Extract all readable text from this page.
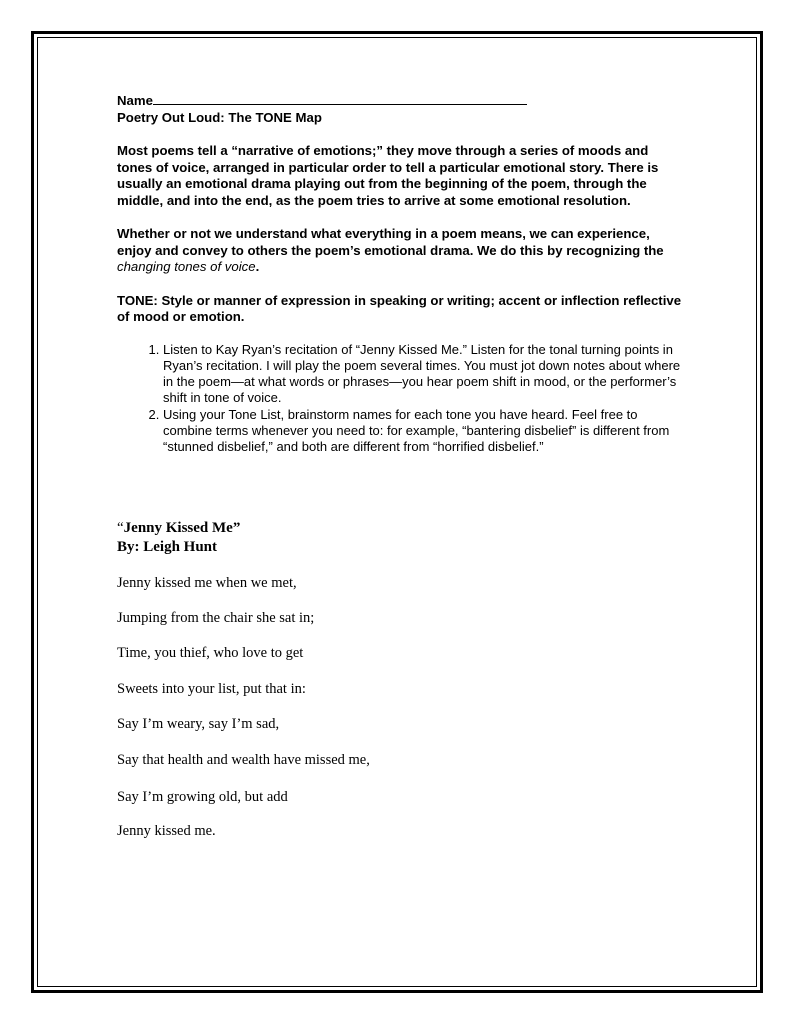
Name
Poetry Out Loud: The TONE Map

Most poems tell a “narrative of emotions;” they move through a series of moods and tones of voice, arranged in particular order to tell a particular emotional story. There is usually an emotional drama playing out from the beginning of the poem, through the middle, and into the end, as the poem tries to arrive at some emotional resolution.

Whether or not we understand what everything in a poem means, we can experience, enjoy and convey to others the poem’s emotional drama. We do this by recognizing the changing tones of voice.

TONE: Style or manner of expression in speaking or writing; accent or inflection reflective of mood or emotion.

1. Listen to Kay Ryan’s recitation of “Jenny Kissed Me.” Listen for the tonal turning points in Ryan’s recitation. I will play the poem several times. You must jot down notes about where in the poem—at what words or phrases—you hear poem shift in mood, or the performer’s shift in tone of voice.
2. Using your Tone List, brainstorm names for each tone you have heard. Feel free to combine terms whenever you need to: for example, “bantering disbelief” is different from “stunned disbelief,” and both are different from “horrified disbelief.”
“Jenny Kissed Me”
By: Leigh Hunt
Jenny kissed me when we met,
Jumping from the chair she sat in;
Time, you thief, who love to get
Sweets into your list, put that in:
Say I’m weary, say I’m sad,
Say that health and wealth have missed me,
Say I’m growing old, but add
Jenny kissed me.
